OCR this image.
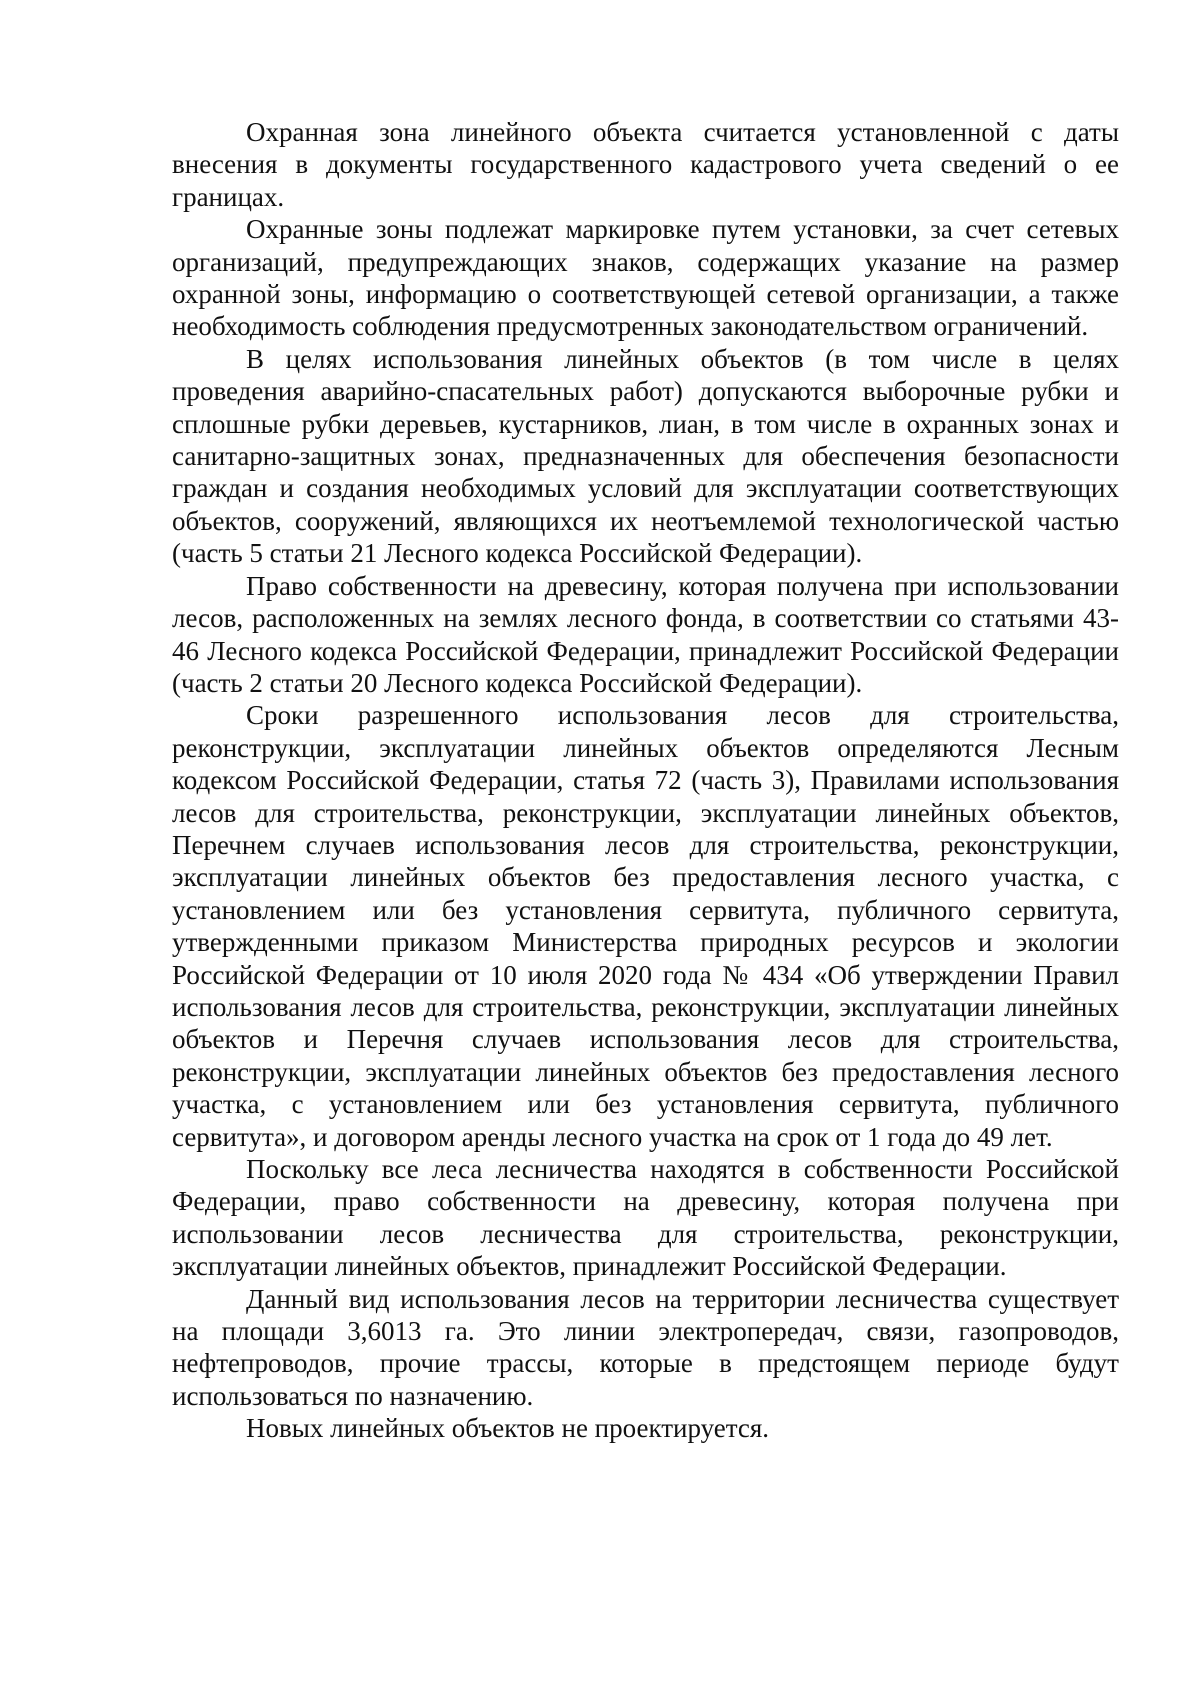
Охранная зона линейного объекта считается установленной с даты внесения в документы государственного кадастрового учета сведений о ее границах.

Охранные зоны подлежат маркировке путем установки, за счет сетевых организаций, предупреждающих знаков, содержащих указание на размер охранной зоны, информацию о соответствующей сетевой организации, а также необходимость соблюдения предусмотренных законодательством ограничений.

В целях использования линейных объектов (в том числе в целях проведения аварийно-спасательных работ) допускаются выборочные рубки и сплошные рубки деревьев, кустарников, лиан, в том числе в охранных зонах и санитарно-защитных зонах, предназначенных для обеспечения безопасности граждан и создания необходимых условий для эксплуатации соответствующих объектов, сооружений, являющихся их неотъемлемой технологической частью (часть 5 статьи 21 Лесного кодекса Российской Федерации).

Право собственности на древесину, которая получена при использовании лесов, расположенных на землях лесного фонда, в соответствии со статьями 43-46 Лесного кодекса Российской Федерации, принадлежит Российской Федерации (часть 2 статьи 20 Лесного кодекса Российской Федерации).

Сроки разрешенного использования лесов для строительства, реконструкции, эксплуатации линейных объектов определяются Лесным кодексом Российской Федерации, статья 72 (часть 3), Правилами использования лесов для строительства, реконструкции, эксплуатации линейных объектов, Перечнем случаев использования лесов для строительства, реконструкции, эксплуатации линейных объектов без предоставления лесного участка, с установлением или без установления сервитута, публичного сервитута, утвержденными приказом Министерства природных ресурсов и экологии Российской Федерации от 10 июля 2020 года № 434 «Об утверждении Правил использования лесов для строительства, реконструкции, эксплуатации линейных объектов и Перечня случаев использования лесов для строительства, реконструкции, эксплуатации линейных объектов без предоставления лесного участка, с установлением или без установления сервитута, публичного сервитута», и договором аренды лесного участка на срок от 1 года до 49 лет.

Поскольку все леса лесничества находятся в собственности Российской Федерации, право собственности на древесину, которая получена при использовании лесов лесничества для строительства, реконструкции, эксплуатации линейных объектов, принадлежит Российской Федерации.

Данный вид использования лесов на территории лесничества существует на площади 3,6013 га. Это линии электропередач, связи, газопроводов, нефтепроводов, прочие трассы, которые в предстоящем периоде будут использоваться по назначению.

Новых линейных объектов не проектируется.
